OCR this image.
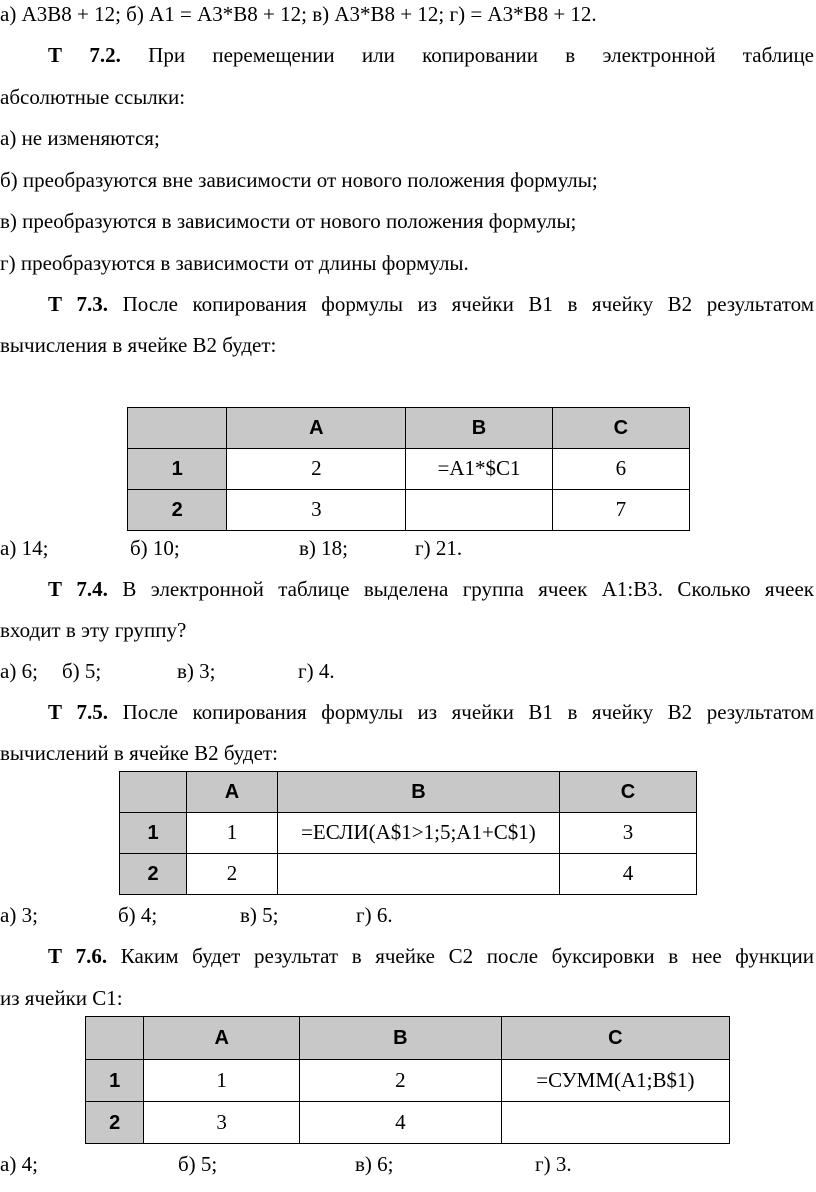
а) А3В8 + 12; б) А1 = А3*В8 + 12; в) А3*В8 + 12; г) = А3*В8 + 12.
Т 7.2. При перемещении или копировании в электронной таблице
абсолютные ссылки:
а) не изменяются;
б) преобразуются вне зависимости от нового положения формулы;
в) преобразуются в зависимости от нового положения формулы;
г) преобразуются в зависимости от длины формулы.
Т 7.3. После копирования формулы из ячейки В1 в ячейку В2 результатом
вычисления в ячейке В2 будет:
	A	B	C
1	2	=А1*$С1	6
2	3		7
а) 14;	б) 10;	в) 18;	г) 21.
Т 7.4. В электронной таблице выделена группа ячеек А1:В3. Сколько ячеек
входит в эту группу?
а) 6; б) 5;	в) 3;	г) 4.
Т 7.5. После копирования формулы из ячейки В1 в ячейку В2 результатом
вычислений в ячейке В2 будет:
	A	B	C
1	1	=ЕСЛИ(А$1>1;5;А1+С$1)	3
2	2		4
а) 3;	б) 4;	в) 5;	г) 6.
Т 7.6. Каким будет результат в ячейке С2 после буксировки в нее функции
из ячейки С1:
	A	B	C
1	1	2	=СУММ(А1;В$1)
2	3	4	
а) 4;	б) 5;	в) 6;	г) 3.
